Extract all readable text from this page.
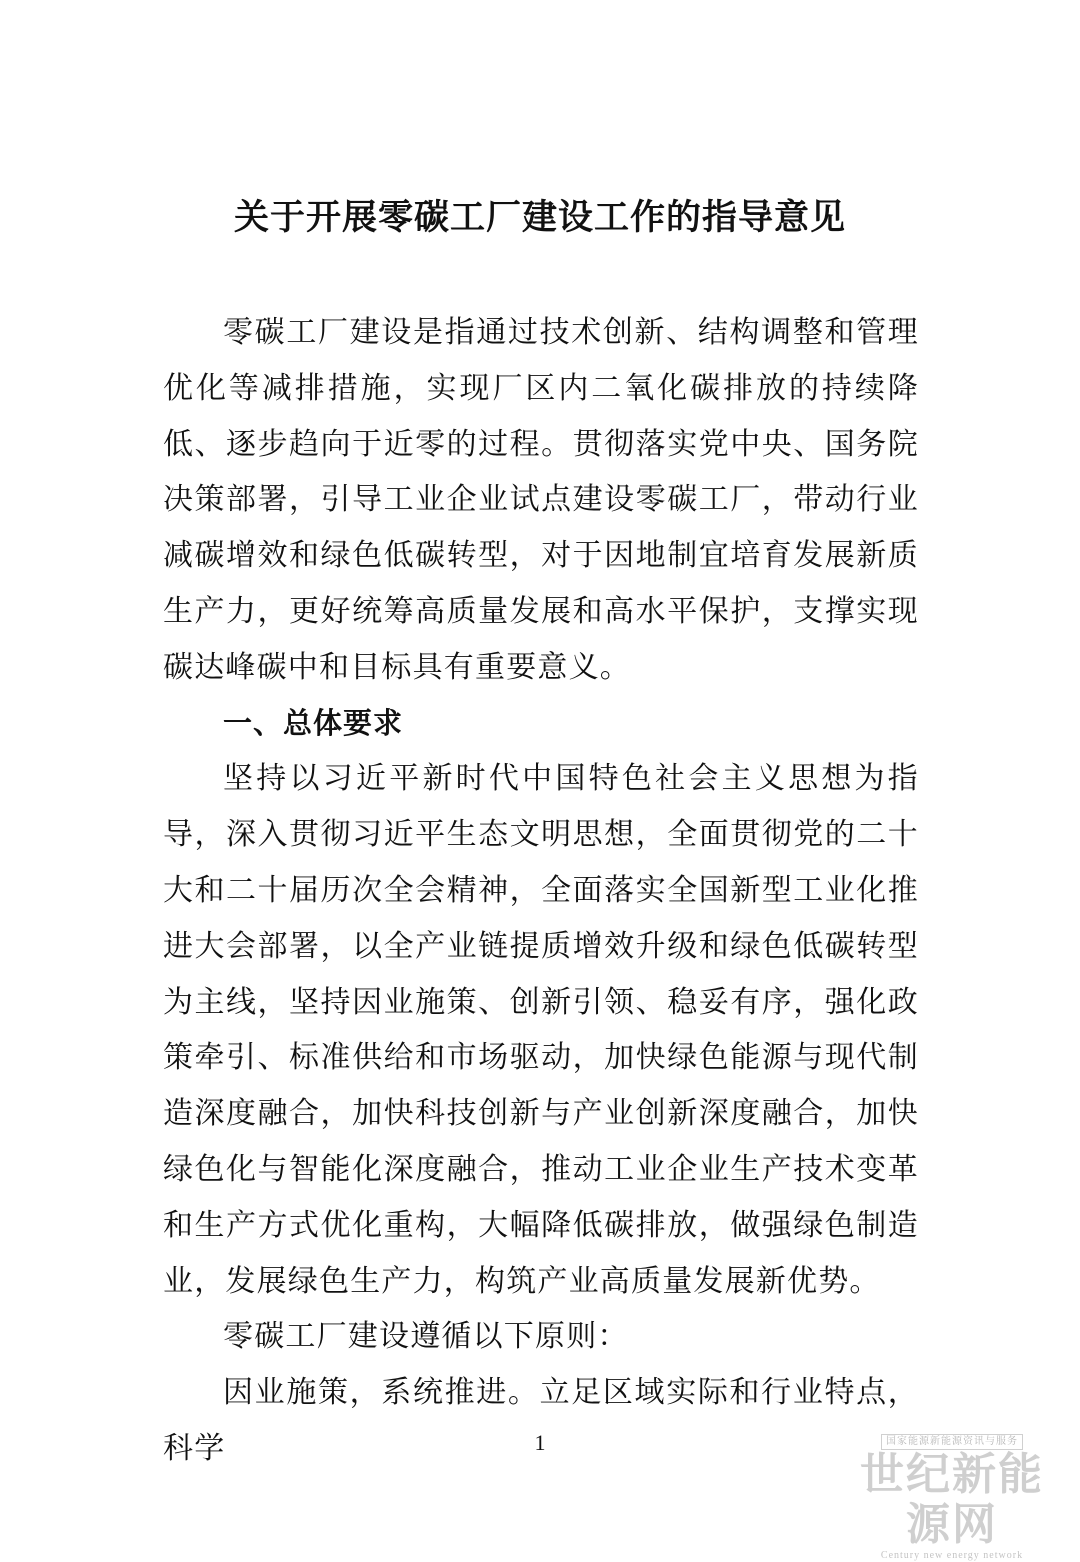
关于开展零碳工厂建设工作的指导意见

零碳工厂建设是指通过技术创新、结构调整和管理优化等减排措施，实现厂区内二氧化碳排放的持续降低、逐步趋向于近零的过程。贯彻落实党中央、国务院决策部署，引导工业企业试点建设零碳工厂，带动行业减碳增效和绿色低碳转型，对于因地制宜培育发展新质生产力，更好统筹高质量发展和高水平保护，支撑实现碳达峰碳中和目标具有重要意义。

一、总体要求

坚持以习近平新时代中国特色社会主义思想为指导，深入贯彻习近平生态文明思想，全面贯彻党的二十大和二十届历次全会精神，全面落实全国新型工业化推进大会部署，以全产业链提质增效升级和绿色低碳转型为主线，坚持因业施策、创新引领、稳妥有序，强化政策牵引、标准供给和市场驱动，加快绿色能源与现代制造深度融合，加快科技创新与产业创新深度融合，加快绿色化与智能化深度融合，推动工业企业生产技术变革和生产方式优化重构，大幅降低碳排放，做强绿色制造业，发展绿色生产力，构筑产业高质量发展新优势。

零碳工厂建设遵循以下原则：

因业施策，系统推进。立足区域实际和行业特点，科学	1	国家能源新能源资讯与服务
世纪新能源网
Century new energy network
